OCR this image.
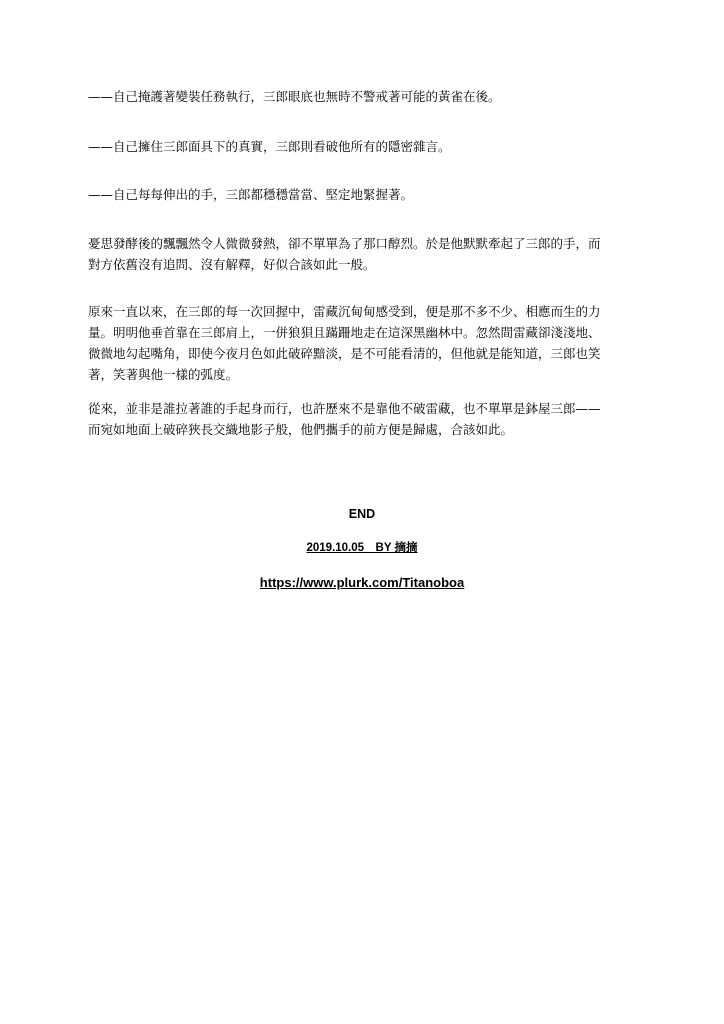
——自己掩護著變裝任務執行，三郎眼底也無時不警戒著可能的黃雀在後。

——自己擁住三郎面具下的真實，三郎則看破他所有的隱密雜言。

——自己每每伸出的手，三郎都穩穩當當、堅定地緊握著。

憂思發酵後的飄飄然令人微微發熱，卻不單單為了那口醇烈。於是他默默牽起了三郎的手，而
對方依舊沒有追問、沒有解釋，好似合該如此一般。

原來一直以來，在三郎的每一次回握中，雷藏沉甸甸感受到，便是那不多不少、相應而生的力
量。明明他垂首靠在三郎肩上，一併狼狽且蹣跚地走在這深黑幽林中。忽然間雷藏卻淺淺地、
微微地勾起嘴角，即使今夜月色如此破碎黯淡，是不可能看清的，但他就是能知道，三郎也笑
著，笑著與他一樣的弧度。

從來，並非是誰拉著誰的手起身而行，也許歷來不是靠他不破雷藏，也不單單是鉢屋三郎——
而宛如地面上破碎狹長交織地影子般，他們攜手的前方便是歸處，合該如此。

END

2019.10.05　BY 摘摘

https://www.plurk.com/Titanoboa
